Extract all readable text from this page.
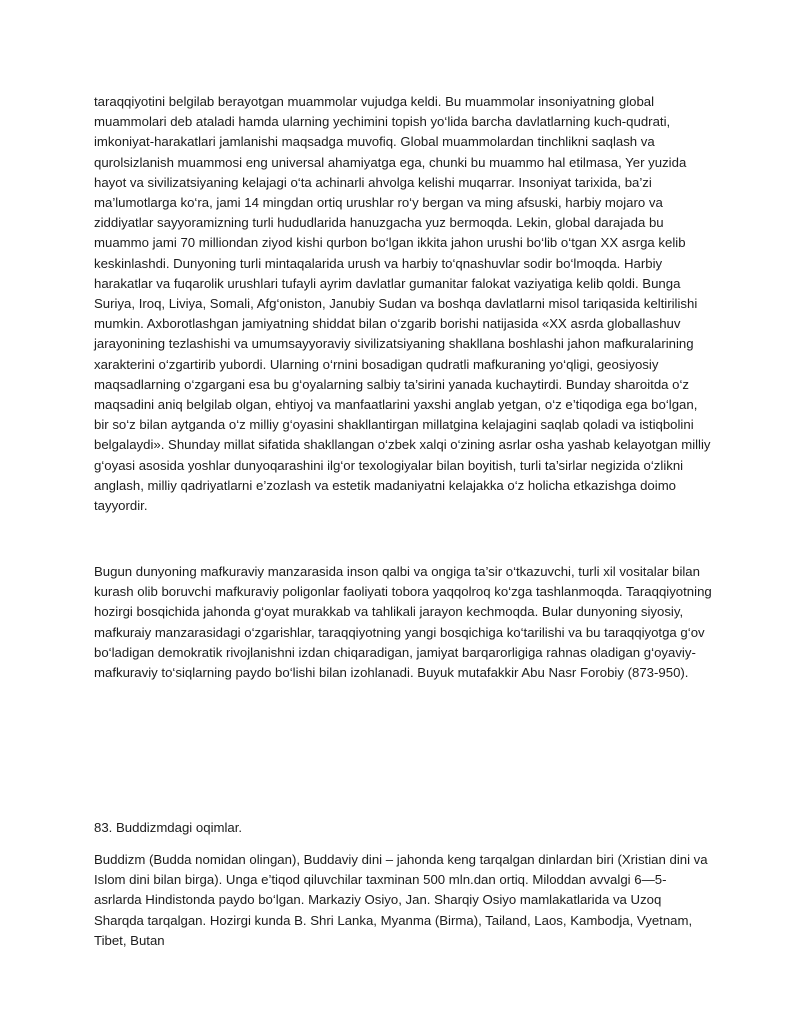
taraqqiyotini belgilab berayotgan muammolar vujudga keldi. Bu muammolar insoniyatning global muammolari deb ataladi hamda ularning yechimini topish yo‘lida barcha davlatlarning kuch-qudrati, imkoniyat-harakatlari jamlanishi maqsadga muvofiq. Global muammolardan tinchlikni saqlash va qurolsizlanish muammosi eng universal ahamiyatga ega, chunki bu muammo hal etilmasa, Yer yuzida hayot va sivilizatsiyaning kelajagi o‘ta achinarli ahvolga kelishi muqarrar. Insoniyat tarixida, ba’zi ma’lumotlarga ko‘ra, jami 14 mingdan ortiq urushlar ro‘y bergan va ming afsuski, harbiy mojaro va ziddiyatlar sayyoramizning turli hududlarida hanuzgacha yuz bermoqda. Lekin, global darajada bu muammo jami 70 milliondan ziyod kishi qurbon bo‘lgan ikkita jahon urushi bo‘lib o‘tgan XX asrga kelib keskinlashdi. Dunyoning turli mintaqalarida urush va harbiy to‘qnashuvlar sodir bo‘lmoqda. Harbiy harakatlar va fuqarolik urushlari tufayli ayrim davlatlar gumanitar falokat vaziyatiga kelib qoldi. Bunga Suriya, Iroq, Liviya, Somali, Afg‘oniston, Janubiy Sudan va boshqa davlatlarni misol tariqasida keltirilishi mumkin. Axborotlashgan jamiyatning shiddat bilan o‘zgarib borishi natijasida «XX asrda globallashuv jarayonining tezlashishi va umumsayyoraviy sivilizatsiyaning shakllana boshlashi jahon mafkuralarining xarakterini o‘zgartirib yubordi. Ularning o‘rnini bosadigan qudratli mafkuraning yo‘qligi, geosiyosiy maqsadlarning o‘zgargani esa bu g‘oyalarning salbiy ta’sirini yanada kuchaytirdi. Bunday sharoitda o‘z maqsadini aniq belgilab olgan, ehtiyoj va manfaatlarini yaxshi anglab yetgan, o‘z e’tiqodiga ega bo‘lgan, bir so‘z bilan aytganda o‘z milliy g‘oyasini shakllantirgan millatgina kelajagini saqlab qoladi va istiqbolini belgalaydi». Shunday millat sifatida shakllangan o‘zbek xalqi o‘zining asrlar osha yashab kelayotgan milliy g‘oyasi asosida yoshlar dunyoqarashini ilg‘or texologiyalar bilan boyitish, turli ta’sirlar negizida o‘zlikni anglash, milliy qadriyatlarni e’zozlash va estetik madaniyatni kelajakka o‘z holicha etkazishga doimo tayyordir.

Bugun dunyoning mafkuraviy manzarasida inson qalbi va ongiga ta’sir o‘tkazuvchi, turli xil vositalar bilan kurash olib boruvchi mafkuraviy poligonlar faoliyati tobora yaqqolroq ko‘zga tashlanmoqda. Taraqqiyotning hozirgi bosqichida jahonda g‘oyat murakkab va tahlikali jarayon kechmoqda. Bular dunyoning siyosiy, mafkuraiy manzarasidagi o‘zgarishlar, taraqqiyotning yangi bosqichiga ko‘tarilishi va bu taraqqiyotga g‘ov bo‘ladigan demokratik rivojlanishni izdan chiqaradigan, jamiyat barqarorligiga rahnas oladigan g‘oyaviy-mafkuraviy to‘siqlarning paydo bo‘lishi bilan izohlanadi. Buyuk mutafakkir Abu Nasr Forobiy (873-950).

83. Buddizmdagi oqimlar.

Buddizm (Budda nomidan olingan), Buddaviy dini – jahonda keng tarqalgan dinlardan biri (Xristian dini va Islom dini bilan birga). Unga e’tiqod qiluvchilar taxminan 500 mln.dan ortiq. Miloddan avvalgi 6—5-asrlarda Hindistonda paydo bo‘lgan. Markaziy Osiyo, Jan. Sharqiy Osiyo mamlakatlarida va Uzoq Sharqda tarqalgan. Hozirgi kunda B. Shri Lanka, Myanma (Birma), Tailand, Laos, Kambodja, Vyetnam, Tibet, Butan
